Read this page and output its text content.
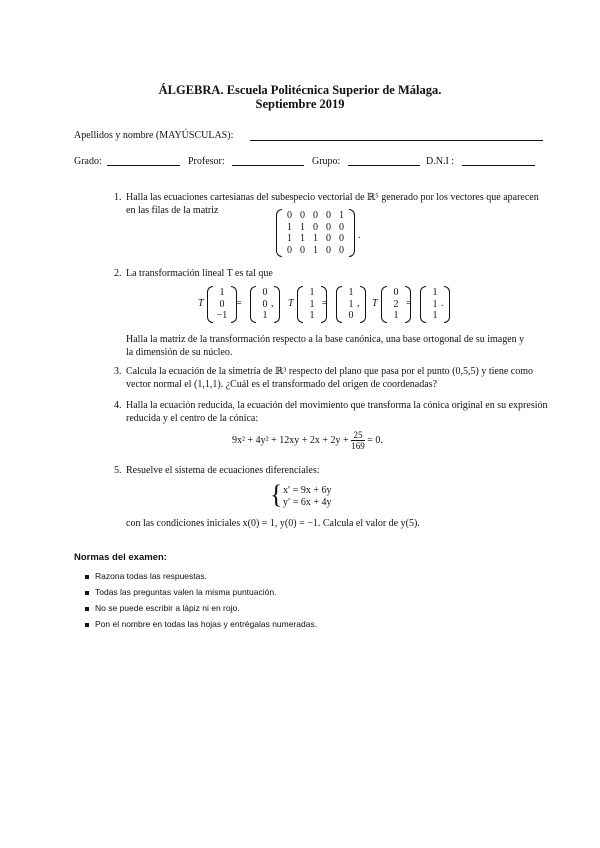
ÁLGEBRA. Escuela Politécnica Superior de Málaga.
Septiembre 2019
Apellidos y nombre (MAYÚSCULAS):
Grado:	Profesor:	Grupo:	D.N.I :
1. Halla las ecuaciones cartesianas del subespecio vectorial de ℝ⁵ generado por los vectores que aparecen
en las filas de la matriz	0 0 0 0 1
1 1 0 0 0
1 1 1 0 0
0 0 1 0 0
.
2. La transformación lineal T es tal que
T
1
0
−1
=
0
0
1
, T
1
1
1
=
1
1
0
, T
0
2
1
=
1
1
1
.
Halla la matriz de la transformación respecto a la base canónica, una base ortogonal de su imagen y
la dimensión de su núcleo.
3. Calcula la ecuación de la simetría de ℝ³ respecto del plano que pasa por el punto (0,5,5) y tiene como
vector normal el (1,1,1). ¿Cuál es el transformado del origen de coordenadas?
4. Halla la ecuación reducida, la ecuación del movimiento que transforma la cónica original en su expresión
reducida y el centro de la cónica:
$9x^2 + 4y^2 + 12xy + 2x + 2y + \frac{25}{169} = 0$.
5. Resuelve el sistema de ecuaciones diferenciales:
{ x′ = 9x + 6y
y′ = 6x + 4y
con las condiciones iniciales x(0) = 1, y(0) = −1. Calcula el valor de y(5).
Normas del examen:
Razona todas las respuestas.
Todas las preguntas valen la misma puntuación.
No se puede escribir a lápiz ni en rojo.
Pon el nombre en todas las hojas y entrégalas numeradas.
